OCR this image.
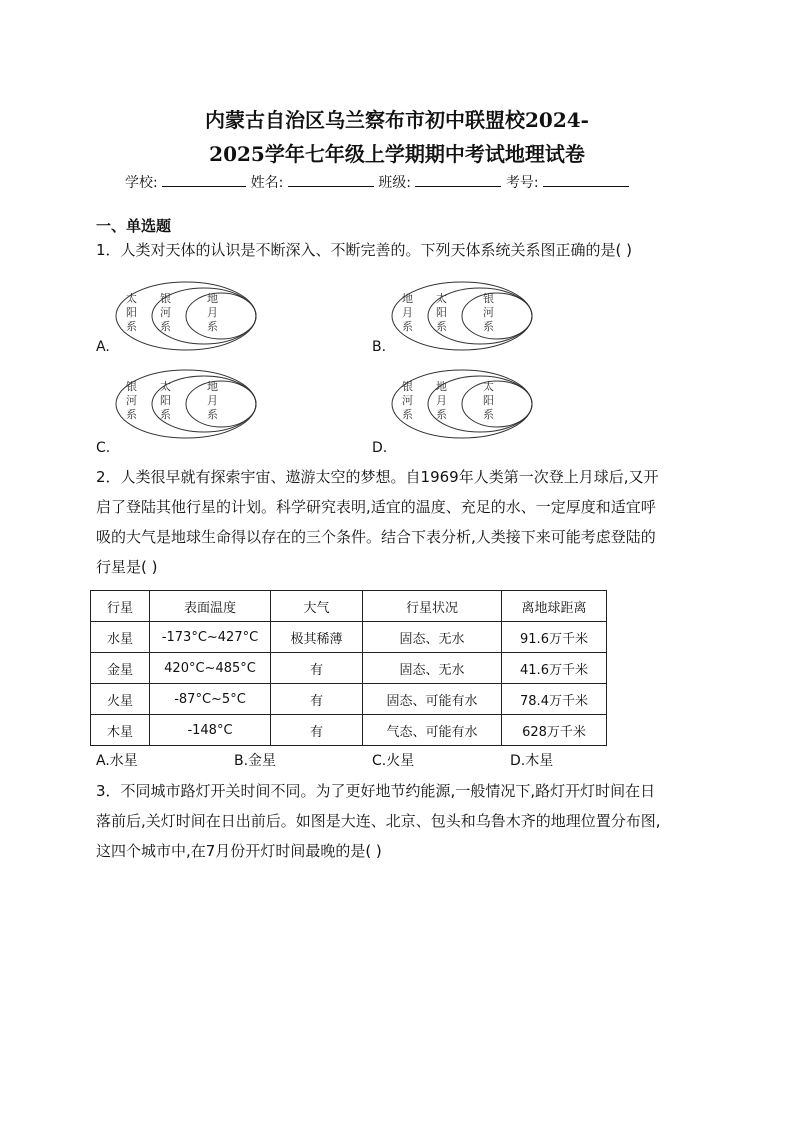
内蒙古自治区乌兰察布市初中联盟校2024-
2025学年七年级上学期期中考试地理试卷
学校:	姓名:	班级:	考号:
一、单选题
1．人类对天体的认识是不断深入、不断完善的。下列天体系统关系图正确的是( )
太
阳
系
银
河
系
地
月
系
A.
地
月
系
太
阳
系
银
河
系
B.
银
河
系
太
阳
系
地
月
系
C.
银
河
系
地
月
系
太
阳
系
D.
2．人类很早就有探索宇宙、遨游太空的梦想。自1969年人类第一次登上月球后,又开
启了登陆其他行星的计划。科学研究表明,适宜的温度、充足的水、一定厚度和适宜呼
吸的大气是地球生命得以存在的三个条件。结合下表分析,人类接下来可能考虑登陆的
行星是( )
行星	表面温度	大气	行星状况	离地球距离
水星	-173°C~427°C	极其稀薄	固态、无水	91.6万千米
金星	420°C~485°C	有	固态、无水	41.6万千米
火星	-87°C~5°C	有	固态、可能有水	78.4万千米
木星	-148°C	有	气态、可能有水	628万千米
A.水星	B.金星	C.火星	D.木星
3．不同城市路灯开关时间不同。为了更好地节约能源,一般情况下,路灯开灯时间在日
落前后,关灯时间在日出前后。如图是大连、北京、包头和乌鲁木齐的地理位置分布图,
这四个城市中,在7月份开灯时间最晚的是( )
